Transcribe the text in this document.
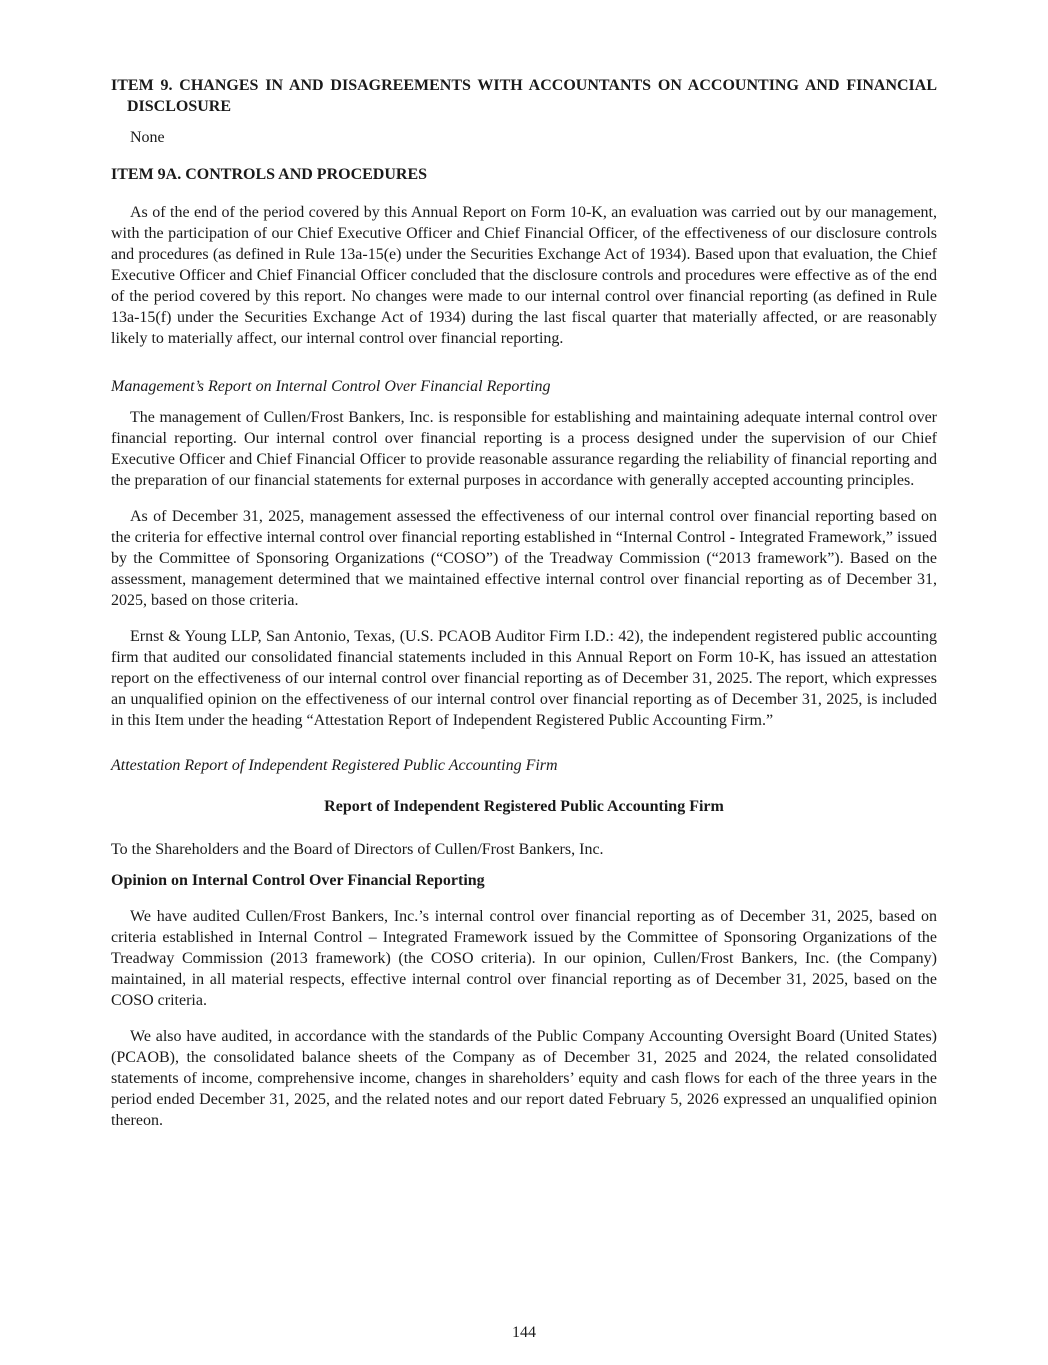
ITEM 9. CHANGES IN AND DISAGREEMENTS WITH ACCOUNTANTS ON ACCOUNTING AND FINANCIAL DISCLOSURE

None

ITEM 9A. CONTROLS AND PROCEDURES

As of the end of the period covered by this Annual Report on Form 10-K, an evaluation was carried out by our management, with the participation of our Chief Executive Officer and Chief Financial Officer, of the effectiveness of our disclosure controls and procedures (as defined in Rule 13a-15(e) under the Securities Exchange Act of 1934). Based upon that evaluation, the Chief Executive Officer and Chief Financial Officer concluded that the disclosure controls and procedures were effective as of the end of the period covered by this report. No changes were made to our internal control over financial reporting (as defined in Rule 13a-15(f) under the Securities Exchange Act of 1934) during the last fiscal quarter that materially affected, or are reasonably likely to materially affect, our internal control over financial reporting.

Management’s Report on Internal Control Over Financial Reporting

The management of Cullen/Frost Bankers, Inc. is responsible for establishing and maintaining adequate internal control over financial reporting. Our internal control over financial reporting is a process designed under the supervision of our Chief Executive Officer and Chief Financial Officer to provide reasonable assurance regarding the reliability of financial reporting and the preparation of our financial statements for external purposes in accordance with generally accepted accounting principles.

As of December 31, 2025, management assessed the effectiveness of our internal control over financial reporting based on the criteria for effective internal control over financial reporting established in “Internal Control - Integrated Framework,” issued by the Committee of Sponsoring Organizations (“COSO”) of the Treadway Commission (“2013 framework”). Based on the assessment, management determined that we maintained effective internal control over financial reporting as of December 31, 2025, based on those criteria.

Ernst & Young LLP, San Antonio, Texas, (U.S. PCAOB Auditor Firm I.D.: 42), the independent registered public accounting firm that audited our consolidated financial statements included in this Annual Report on Form 10-K, has issued an attestation report on the effectiveness of our internal control over financial reporting as of December 31, 2025. The report, which expresses an unqualified opinion on the effectiveness of our internal control over financial reporting as of December 31, 2025, is included in this Item under the heading “Attestation Report of Independent Registered Public Accounting Firm.”

Attestation Report of Independent Registered Public Accounting Firm

Report of Independent Registered Public Accounting Firm

To the Shareholders and the Board of Directors of Cullen/Frost Bankers, Inc.

Opinion on Internal Control Over Financial Reporting

We have audited Cullen/Frost Bankers, Inc.’s internal control over financial reporting as of December 31, 2025, based on criteria established in Internal Control – Integrated Framework issued by the Committee of Sponsoring Organizations of the Treadway Commission (2013 framework) (the COSO criteria). In our opinion, Cullen/Frost Bankers, Inc. (the Company) maintained, in all material respects, effective internal control over financial reporting as of December 31, 2025, based on the COSO criteria.

We also have audited, in accordance with the standards of the Public Company Accounting Oversight Board (United States) (PCAOB), the consolidated balance sheets of the Company as of December 31, 2025 and 2024, the related consolidated statements of income, comprehensive income, changes in shareholders’ equity and cash flows for each of the three years in the period ended December 31, 2025, and the related notes and our report dated February 5, 2026 expressed an unqualified opinion thereon.

144
